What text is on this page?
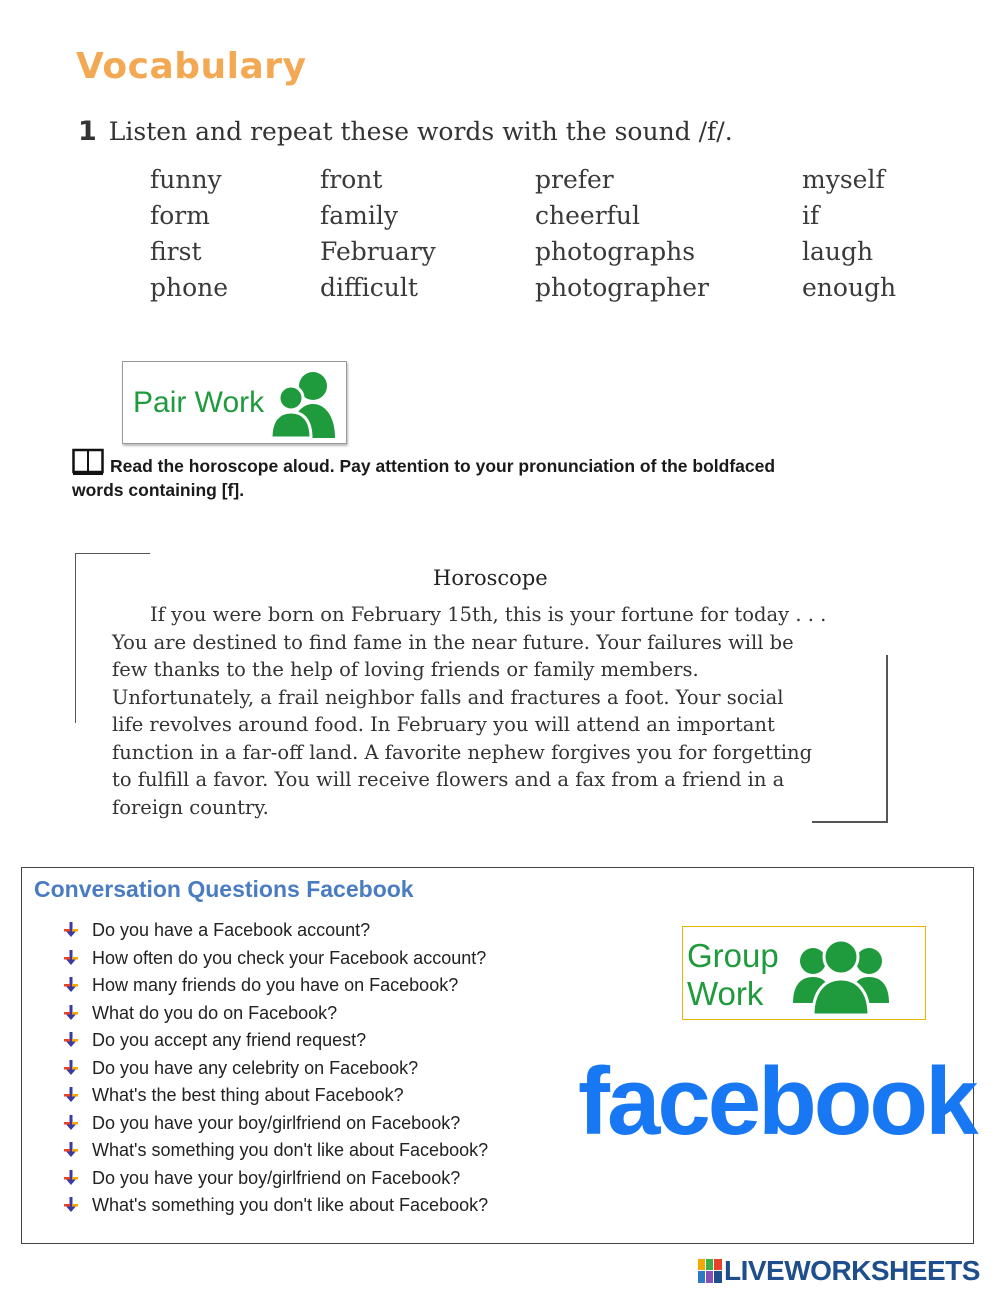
Vocabulary
1 Listen and repeat these words with the sound /f/.
funny
form
first
phone
front
family
February
difficult
prefer
cheerful
photographs
photographer
myself
if
laugh
enough
Pair Work
Read the horoscope aloud. Pay attention to your pronunciation of the boldfaced
words containing [f].
Horoscope
If you were born on February 15th, this is your fortune for today . . .
You are destined to find fame in the near future. Your failures will be
few thanks to the help of loving friends or family members.
Unfortunately, a frail neighbor falls and fractures a foot. Your social
life revolves around food. In February you will attend an important
function in a far-off land. A favorite nephew forgives you for forgetting
to fulfill a favor. You will receive flowers and a fax from a friend in a
foreign country.
Conversation Questions Facebook
Do you have a Facebook account?
How often do you check your Facebook account?
How many friends do you have on Facebook?
What do you do on Facebook?
Do you accept any friend request?
Do you have any celebrity on Facebook?
What's the best thing about Facebook?
Do you have your boy/girlfriend on Facebook?
What's something you don't like about Facebook?
Do you have your boy/girlfriend on Facebook?
What's something you don't like about Facebook?
Group
Work
facebook
LIVEWORKSHEETS
